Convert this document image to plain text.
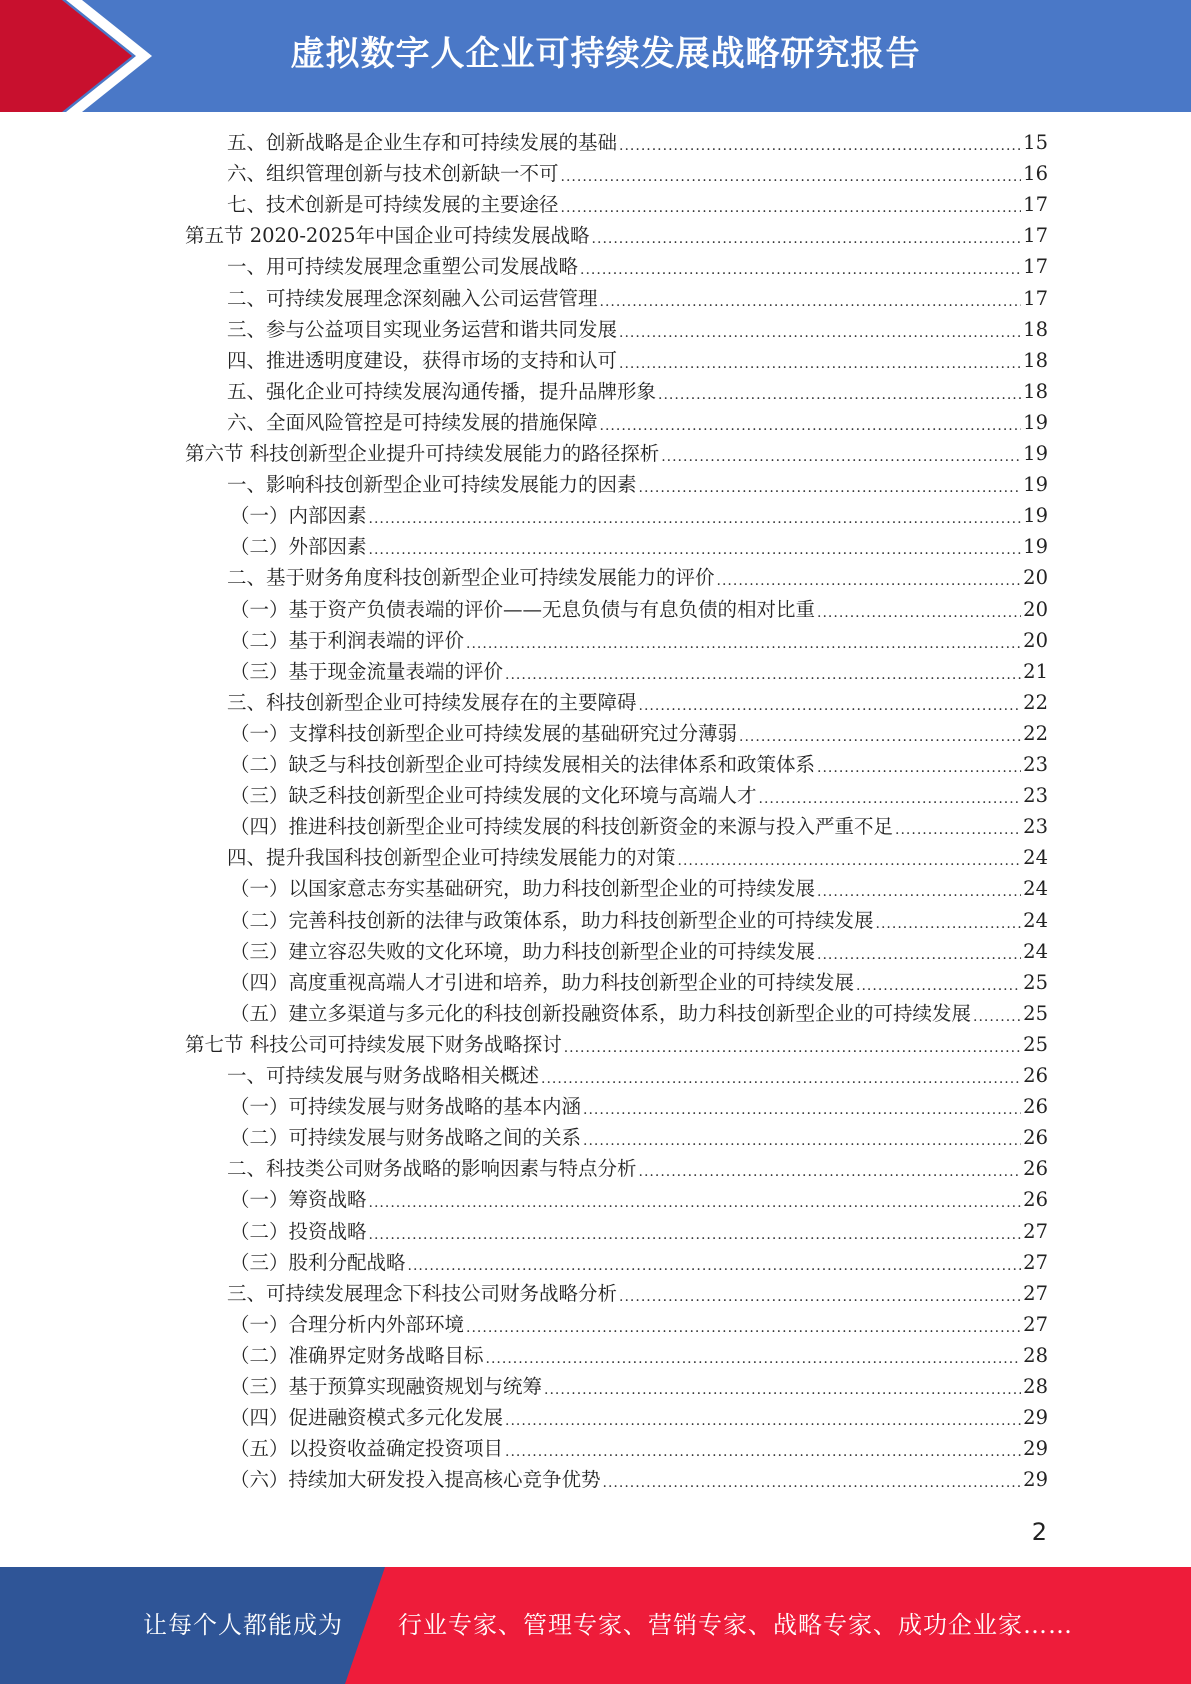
虚拟数字人企业可持续发展战略研究报告
五、创新战略是企业生存和可持续发展的基础 .....	15
六、组织管理创新与技术创新缺一不可 .....	16
七、技术创新是可持续发展的主要途径 .....	17
第五节 2020-2025年中国企业可持续发展战略 .....	17
一、用可持续发展理念重塑公司发展战略 .....	17
二、可持续发展理念深刻融入公司运营管理 .....	17
三、参与公益项目实现业务运营和谐共同发展 .....	18
四、推进透明度建设，获得市场的支持和认可 .....	18
五、强化企业可持续发展沟通传播，提升品牌形象 .....	18
六、全面风险管控是可持续发展的措施保障 .....	19
第六节 科技创新型企业提升可持续发展能力的路径探析 .....	19
一、影响科技创新型企业可持续发展能力的因素 .....	19
（一）内部因素 .....	19
（二）外部因素 .....	19
二、基于财务角度科技创新型企业可持续发展能力的评价 .....	20
（一）基于资产负债表端的评价——无息负债与有息负债的相对比重 .....	20
（二）基于利润表端的评价 .....	20
（三）基于现金流量表端的评价 .....	21
三、科技创新型企业可持续发展存在的主要障碍 .....	22
（一）支撑科技创新型企业可持续发展的基础研究过分薄弱 .....	22
（二）缺乏与科技创新型企业可持续发展相关的法律体系和政策体系 .....	23
（三）缺乏科技创新型企业可持续发展的文化环境与高端人才 .....	23
（四）推进科技创新型企业可持续发展的科技创新资金的来源与投入严重不足 .....	23
四、提升我国科技创新型企业可持续发展能力的对策 .....	24
（一）以国家意志夯实基础研究，助力科技创新型企业的可持续发展 .....	24
（二）完善科技创新的法律与政策体系，助力科技创新型企业的可持续发展 .....	24
（三）建立容忍失败的文化环境，助力科技创新型企业的可持续发展 .....	24
（四）高度重视高端人才引进和培养，助力科技创新型企业的可持续发展 .....	25
（五）建立多渠道与多元化的科技创新投融资体系，助力科技创新型企业的可持续发展 .....	25
第七节 科技公司可持续发展下财务战略探讨 .....	25
一、可持续发展与财务战略相关概述 .....	26
（一）可持续发展与财务战略的基本内涵 .....	26
（二）可持续发展与财务战略之间的关系 .....	26
二、科技类公司财务战略的影响因素与特点分析 .....	26
（一）筹资战略 .....	26
（二）投资战略 .....	27
（三）股利分配战略 .....	27
三、可持续发展理念下科技公司财务战略分析 .....	27
（一）合理分析内外部环境 .....	27
（二）准确界定财务战略目标 .....	28
（三）基于预算实现融资规划与统筹 .....	28
（四）促进融资模式多元化发展 .....	29
（五）以投资收益确定投资项目 .....	29
（六）持续加大研发投入提高核心竞争优势 .....	29
2
让每个人都能成为 行业专家、管理专家、营销专家、战略专家、成功企业家……
